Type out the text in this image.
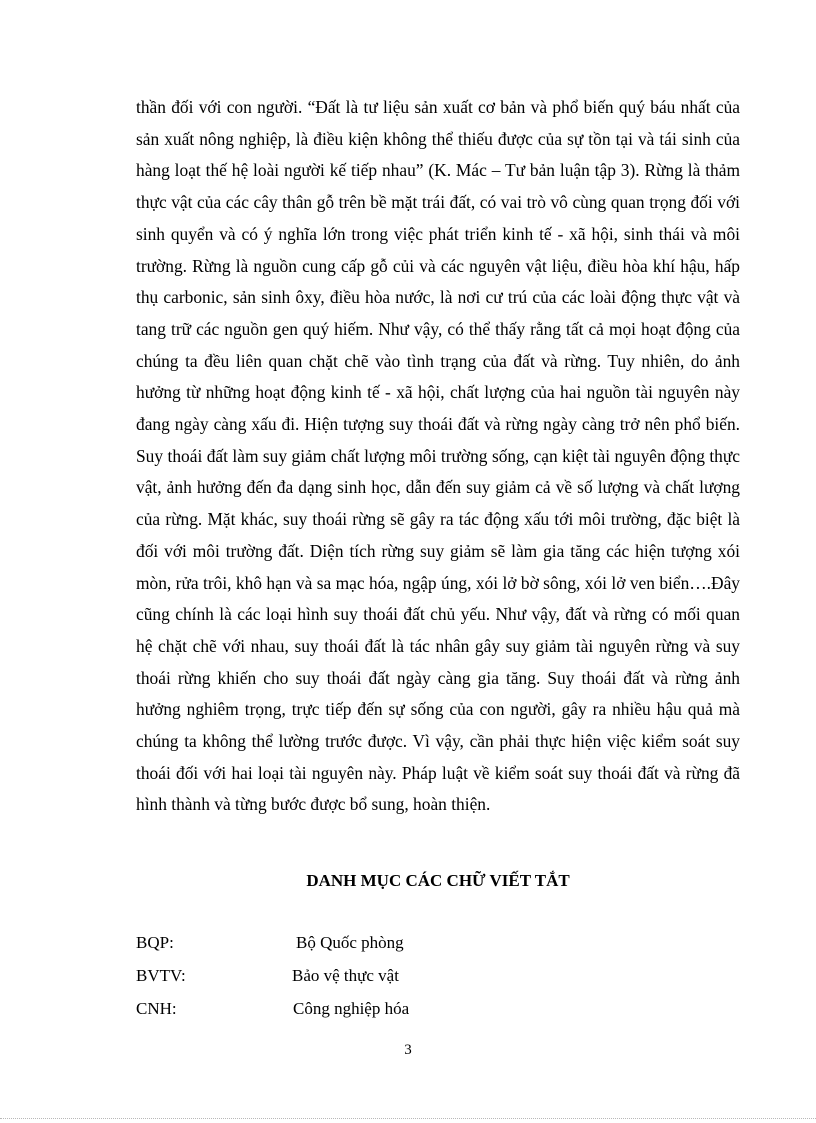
thần đối với con người. “Đất là tư liệu sản xuất cơ bản và phổ biến quý báu nhất của sản xuất nông nghiệp, là điều kiện không thể thiếu được của sự tồn tại và tái sinh của hàng loạt thế hệ loài người kế tiếp nhau” (K. Mác – Tư bản luận tập 3). Rừng là thảm thực vật của các cây thân gỗ trên bề mặt trái đất, có vai trò vô cùng quan trọng đối với sinh quyển và có ý nghĩa lớn trong việc phát triển kinh tế - xã hội, sinh thái và môi trường. Rừng là nguồn cung cấp gỗ củi và các nguyên vật liệu, điều hòa khí hậu, hấp thụ carbonic, sản sinh ôxy, điều hòa nước, là nơi cư trú của các loài động thực vật và tang trữ các nguồn gen quý hiếm. Như vậy, có thể thấy rằng tất cả mọi hoạt động của chúng ta đều liên quan chặt chẽ vào tình trạng của đất và rừng. Tuy nhiên, do ảnh hưởng từ những hoạt động kinh tế - xã hội, chất lượng của hai nguồn tài nguyên này đang ngày càng xấu đi. Hiện tượng suy thoái đất và rừng ngày càng trở nên phổ biến. Suy thoái đất làm suy giảm chất lượng môi trường sống, cạn kiệt tài nguyên động thực vật, ảnh hưởng đến đa dạng sinh học, dẫn đến suy giảm cả về số lượng và chất lượng của rừng. Mặt khác, suy thoái rừng sẽ gây ra tác động xấu tới môi trường, đặc biệt là đối với môi trường đất. Diện tích rừng suy giảm sẽ làm gia tăng các hiện tượng xói mòn, rửa trôi, khô hạn và sa mạc hóa, ngập úng, xói lở bờ sông, xói lở ven biển….Đây cũng chính là các loại hình suy thoái đất chủ yếu. Như vậy, đất và rừng có mối quan hệ chặt chẽ với nhau, suy thoái đất là tác nhân gây suy giảm tài nguyên rừng và suy thoái rừng khiến cho suy thoái đất ngày càng gia tăng. Suy thoái đất và rừng ảnh hưởng nghiêm trọng, trực tiếp đến sự sống của con người, gây ra nhiều hậu quả mà chúng ta không thể lường trước được. Vì vậy, cần phải thực hiện việc kiểm soát suy thoái đối với hai loại tài nguyên này. Pháp luật về kiểm soát suy thoái đất và rừng đã hình thành và từng bước được bổ sung, hoàn thiện.

DANH MỤC CÁC CHỮ VIẾT TẮT
BQP:	Bộ Quốc phòng
BVTV:	Bảo vệ thực vật
CNH:	Công nghiệp hóa
3
